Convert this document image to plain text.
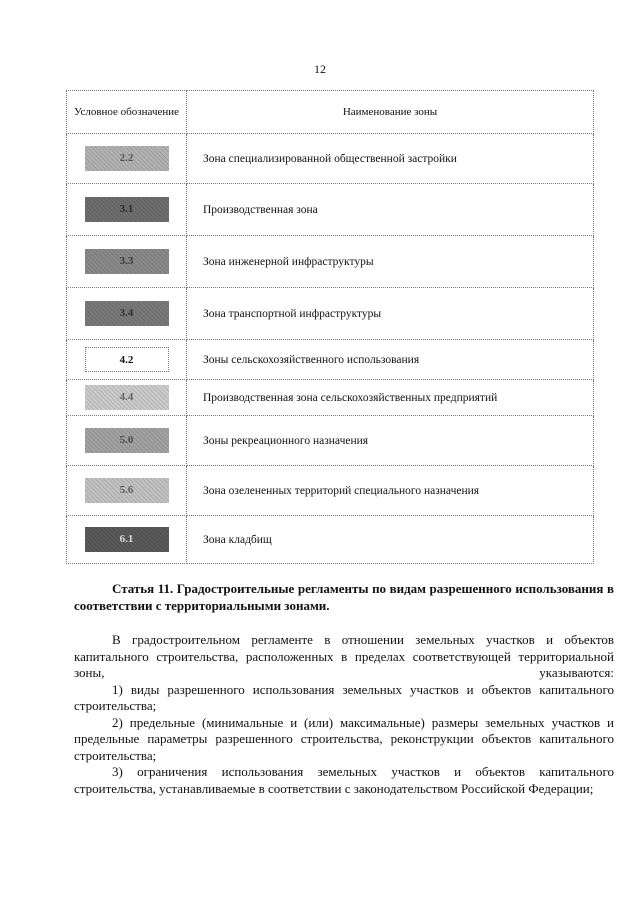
12
Условное обозначение	Наименование зоны
2.2	Зона специализированной общественной застройки
3.1	Производственная зона
3.3	Зона инженерной инфраструктуры
3.4	Зона транспортной инфраструктуры
4.2	Зоны сельскохозяйственного использования
4.4	Производственная зона сельскохозяйственных предприятий
5.0	Зоны рекреационного назначения
5.6	Зона озелененных территорий специального назначения
6.1	Зона кладбищ
Статья 11. Градостроительные регламенты по видам разрешенного использования в соответствии с территориальными зонами.

В градостроительном регламенте в отношении земельных участков и объектов капитального строительства, расположенных в пределах соответствующей территориальной зоны, указываются:

1) виды разрешенного использования земельных участков и объектов капитального строительства;

2) предельные (минимальные и (или) максимальные) размеры земельных участков и предельные параметры разрешенного строительства, реконструкции объектов капитального строительства;

3) ограничения использования земельных участков и объектов капитального строительства, устанавливаемые в соответствии с законодательством Российской Федерации;
